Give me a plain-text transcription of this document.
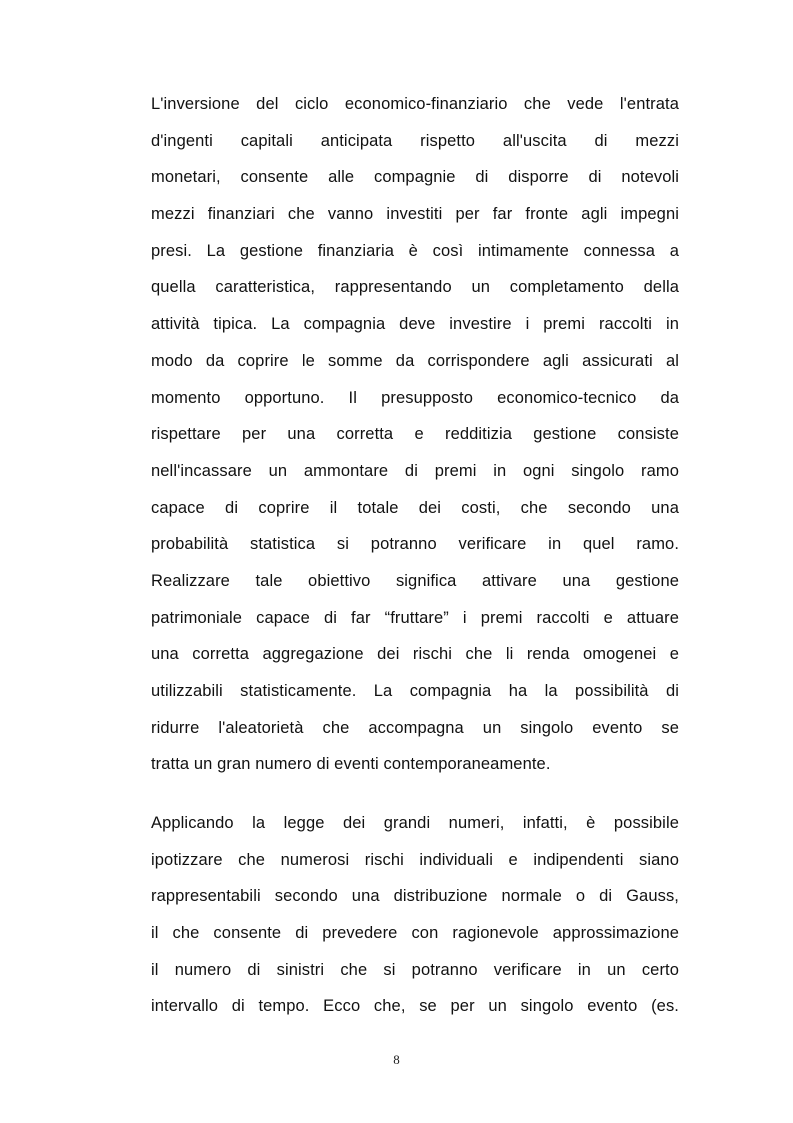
L'inversione del ciclo economico-finanziario che vede l'entrata
d'ingenti capitali anticipata rispetto all'uscita di mezzi
monetari, consente alle compagnie di disporre di notevoli
mezzi finanziari che vanno investiti per far fronte agli impegni
presi. La gestione finanziaria è così intimamente connessa a
quella caratteristica, rappresentando un completamento della
attività tipica. La compagnia deve investire i premi raccolti in
modo da coprire le somme da corrispondere agli assicurati al
momento opportuno. Il presupposto economico-tecnico da
rispettare per una corretta e redditizia gestione consiste
nell'incassare un ammontare di premi in ogni singolo ramo
capace di coprire il totale dei costi, che secondo una
probabilità statistica si potranno verificare in quel ramo.
Realizzare tale obiettivo significa attivare una gestione
patrimoniale capace di far “fruttare” i premi raccolti e attuare
una corretta aggregazione dei rischi che li renda omogenei e
utilizzabili statisticamente. La compagnia ha la possibilità di
ridurre l'aleatorietà che accompagna un singolo evento se
tratta un gran numero di eventi contemporaneamente.
Applicando la legge dei grandi numeri, infatti, è possibile
ipotizzare che numerosi rischi individuali e indipendenti siano
rappresentabili secondo una distribuzione normale o di Gauss,
il che consente di prevedere con ragionevole approssimazione
il numero di sinistri che si potranno verificare in un certo
intervallo di tempo. Ecco che, se per un singolo evento (es.
8
